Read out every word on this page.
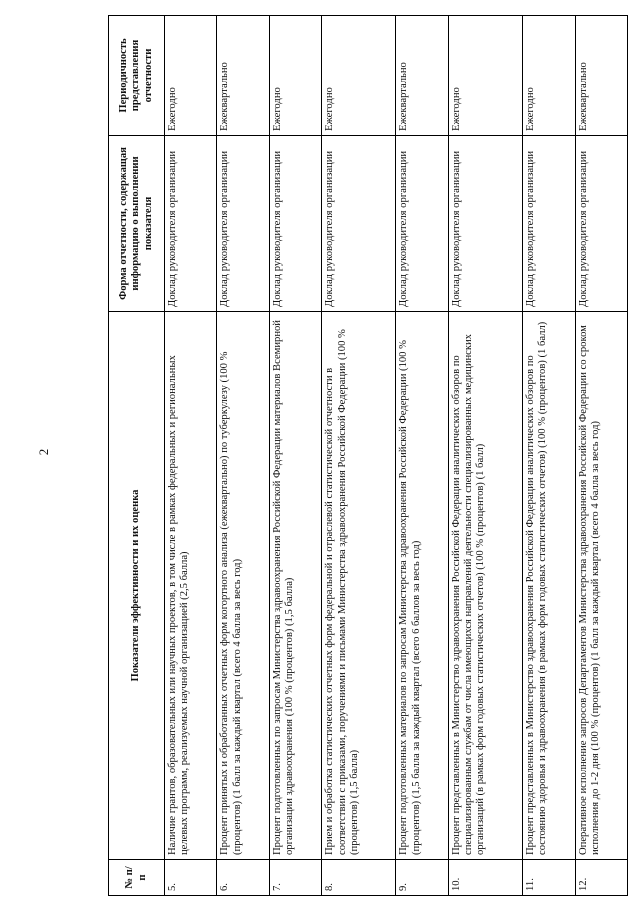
2
№ п/п	Показатели эффективности и их оценка	Форма отчетности, содержащая информацию о выполнении показателя	Периодичность представления отчетности
5.	Наличие грантов, образовательных или научных проектов, в том числе в рамках федеральных и региональных целевых программ, реализуемых научной организацией (2,5 балла)	Доклад руководителя организации	Ежегодно
6.	Процент принятых и обработанных отчетных форм когортного анализа (ежеквартально) по туберкулезу (100 % (процентов) (1 балл за каждый квартал (всего 4 балла за весь год)	Доклад руководителя организации	Ежеквартально
7.	Процент подготовленных по запросам Министерства здравоохранения Российской Федерации материалов Всемирной организации здравоохранения (100 % (процентов) (1,5 балла)	Доклад руководителя организации	Ежегодно
8.	Прием и обработка статистических отчетных форм федеральной и отраслевой статистической отчетности в соответствии с приказами, поручениями и письмами Министерства здравоохранения Российской Федерации (100 % (процентов) (1,5 балла)	Доклад руководителя организации	Ежегодно
9.	Процент подготовленных материалов по запросам Министерства здравоохранения Российской Федерации (100 % (процентов) (1,5 балла за каждый квартал (всего 6 баллов за весь год)	Доклад руководителя организации	Ежеквартально
10.	Процент представленных в Министерство здравоохранения Российской Федерации аналитических обзоров по специализированным службам от числа имеющихся направлений деятельности специализированных медицинских организаций (в рамках форм годовых статистических отчетов) (100 % (процентов) (1 балл)	Доклад руководителя организации	Ежегодно
11.	Процент представленных в Министерство здравоохранения Российской Федерации аналитических обзоров по состоянию здоровья и здравоохранения (в рамках форм годовых статистических отчетов) (100 % (процентов) (1 балл)	Доклад руководителя организации	Ежегодно
12.	Оперативное исполнение запросов Департаментов Министерства здравоохранения Российской Федерации со сроком исполнения до 1-2 дня (100 % (процентов) (1 балл за каждый квартал (всего 4 балла за весь год)	Доклад руководителя организации	Ежеквартально
